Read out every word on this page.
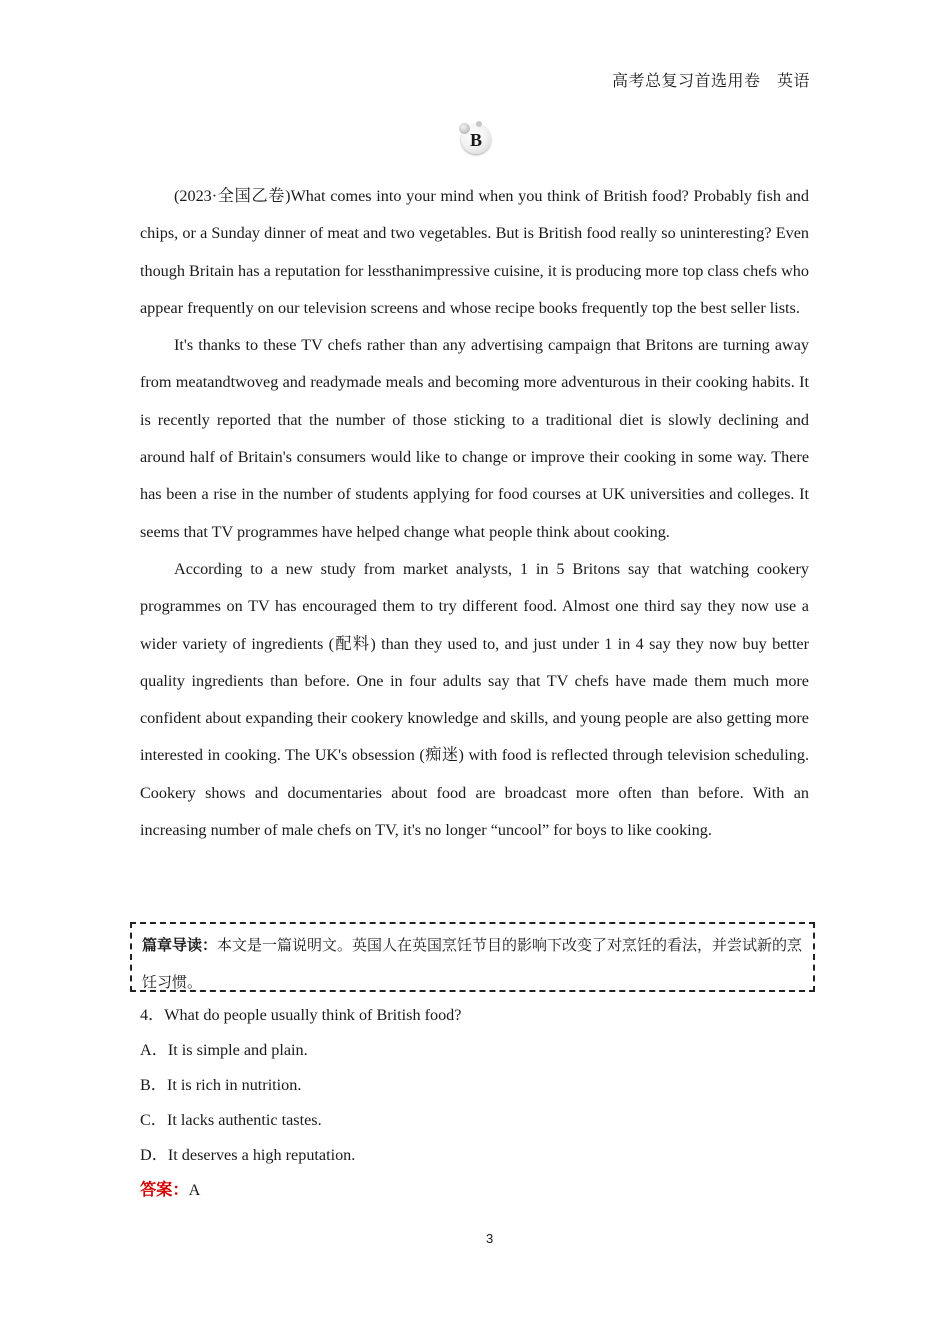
高考总复习首选用卷　英语
B

(2023·全国乙卷)What comes into your mind when you think of British food? Probably fish and chips, or a Sunday dinner of meat and two vegetables. But is British food really so uninteresting? Even though Britain has a reputation for lessthanimpressive cuisine, it is producing more top class chefs who appear frequently on our television screens and whose recipe books frequently top the best seller lists.

It's thanks to these TV chefs rather than any advertising campaign that Britons are turning away from meatandtwoveg and readymade meals and becoming more adventurous in their cooking habits. It is recently reported that the number of those sticking to a traditional diet is slowly declining and around half of Britain's consumers would like to change or improve their cooking in some way. There has been a rise in the number of students applying for food courses at UK universities and colleges. It seems that TV programmes have helped change what people think about cooking.

According to a new study from market analysts, 1 in 5 Britons say that watching cookery programmes on TV has encouraged them to try different food. Almost one third say they now use a wider variety of ingredients (配料) than they used to, and just under 1 in 4 say they now buy better quality ingredients than before. One in four adults say that TV chefs have made them much more confident about expanding their cookery knowledge and skills, and young people are also getting more interested in cooking. The UK's obsession (痴迷) with food is reflected through television scheduling. Cookery shows and documentaries about food are broadcast more often than before. With an increasing number of male chefs on TV, it's no longer “uncool” for boys to like cooking.

篇章导读：本文是一篇说明文。英国人在英国烹饪节目的影响下改变了对烹饪的看法，并尝试新的烹饪习惯。
4．What do people usually think of British food?
A．It is simple and plain.
B．It is rich in nutrition.
C．It lacks authentic tastes.
D．It deserves a high reputation.
答案：A
3
